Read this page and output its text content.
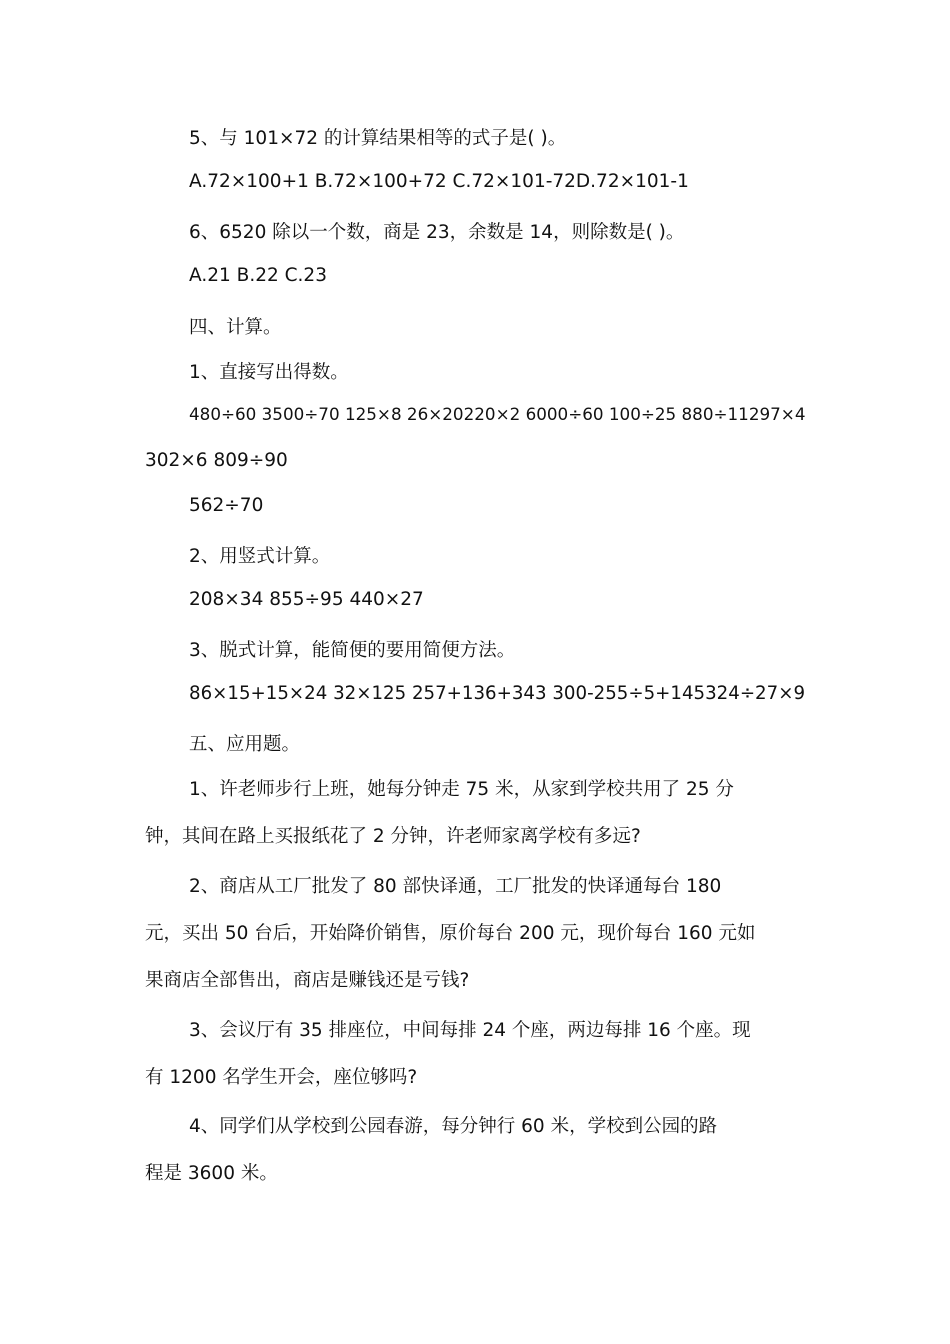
5、与 101×72 的计算结果相等的式子是( )。
A.72×100+1 B.72×100+72 C.72×101-72D.72×101-1
6、6520 除以一个数，商是 23，余数是 14，则除数是( )。
A.21 B.22 C.23
四、计算。
1、直接写出得数。
480÷60 3500÷70 125×8 26×20220×2 6000÷60 100÷25 880÷11297×4
302×6 809÷90
562÷70
2、用竖式计算。
208×34 855÷95 440×27
3、脱式计算，能简便的要用简便方法。
86×15+15×24 32×125 257+136+343 300-255÷5+145324÷27×9
五、应用题。
1、许老师步行上班，她每分钟走 75 米，从家到学校共用了 25 分
钟，其间在路上买报纸花了 2 分钟，许老师家离学校有多远?
2、商店从工厂批发了 80 部快译通，工厂批发的快译通每台 180
元，买出 50 台后，开始降价销售，原价每台 200 元，现价每台 160 元如
果商店全部售出，商店是赚钱还是亏钱?
3、会议厅有 35 排座位，中间每排 24 个座，两边每排 16 个座。现
有 1200 名学生开会，座位够吗?
4、同学们从学校到公园春游，每分钟行 60 米，学校到公园的路
程是 3600 米。
